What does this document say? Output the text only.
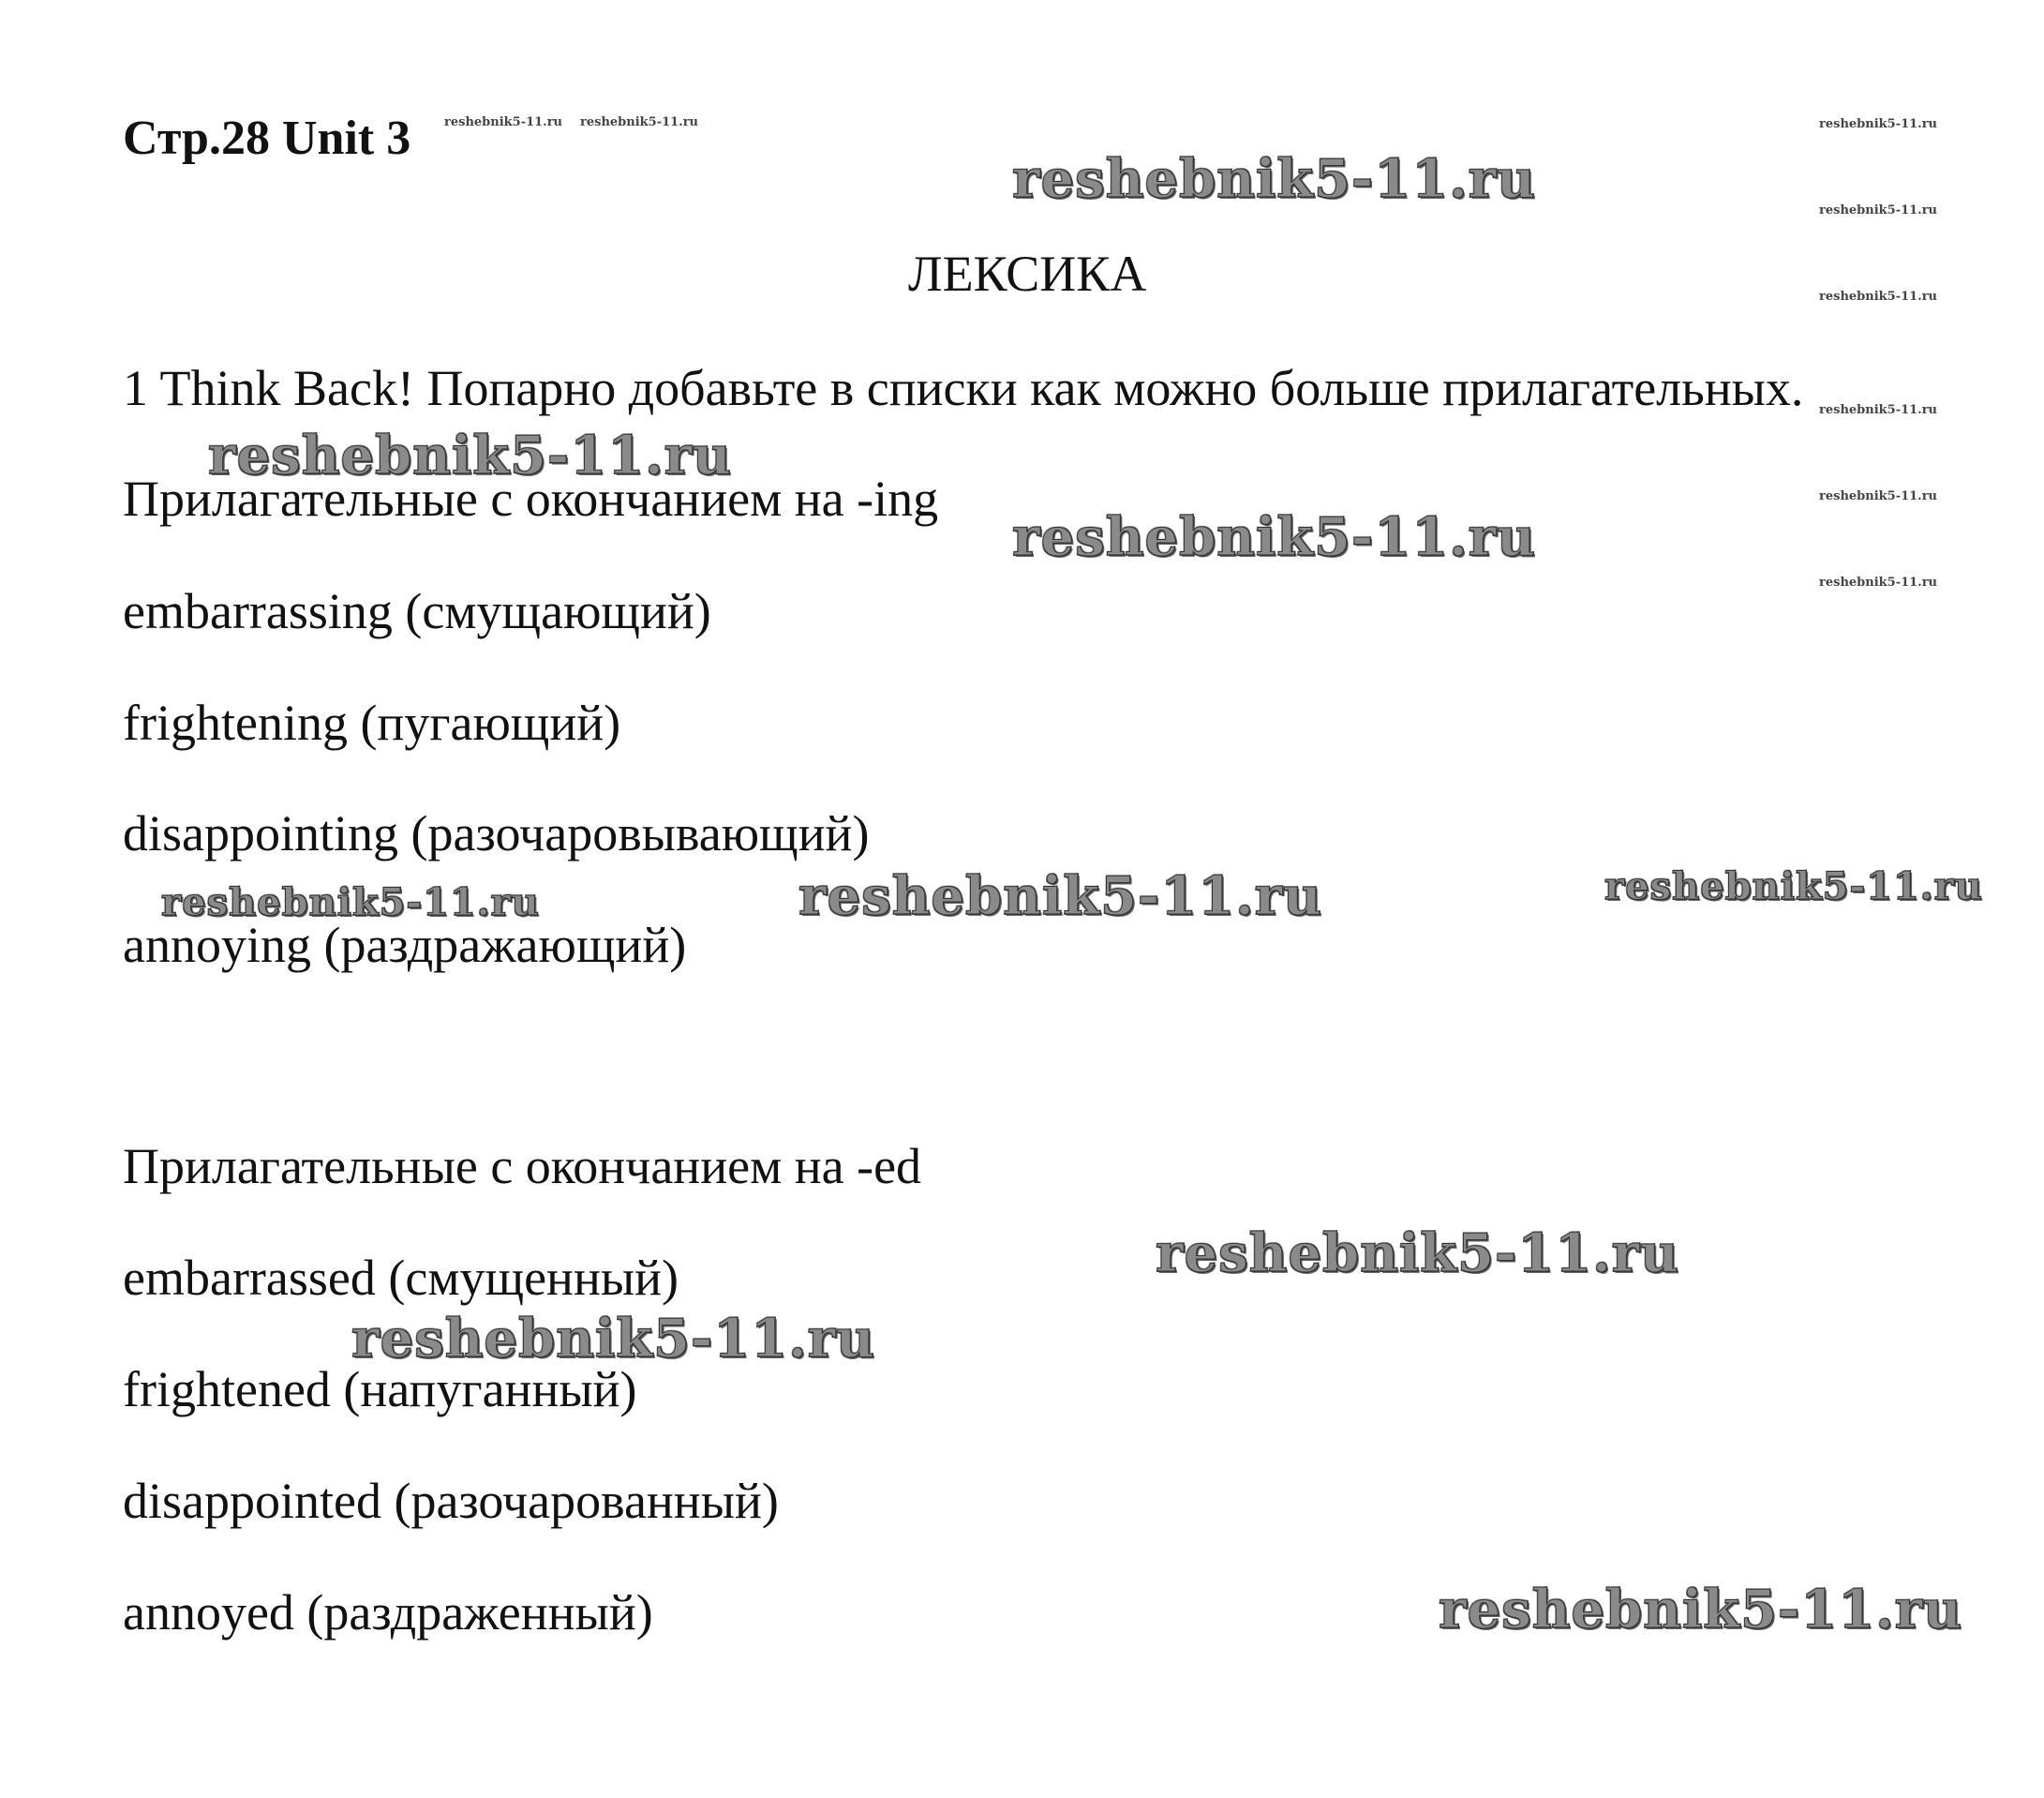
Стр.28 Unit 3
ЛЕКСИКА
1 Think Back! Попарно добавьте в списки как можно больше прилагательных.
Прилагательные с окончанием на -ing
embarrassing (смущающий)
frightening (пугающий)
disappointing (разочаровывающий)
annoying (раздражающий)
Прилагательные с окончанием на -ed
embarrassed (смущенный)
frightened (напуганный)
disappointed (разочарованный)
annoyed (раздраженный)
reshebnik5-11.ru
reshebnik5-11.ru
reshebnik5-11.ru
reshebnik5-11.ru
reshebnik5-11.ru
reshebnik5-11.ru
reshebnik5-11.ru
reshebnik5-11.ru	reshebnik5-11.ru
reshebnik5-11.ru reshebnik5-11.ru	reshebnik5-11.ru
reshebnik5-11.ru
reshebnik5-11.ru
reshebnik5-11.ru
reshebnik5-11.ru
reshebnik5-11.ru
